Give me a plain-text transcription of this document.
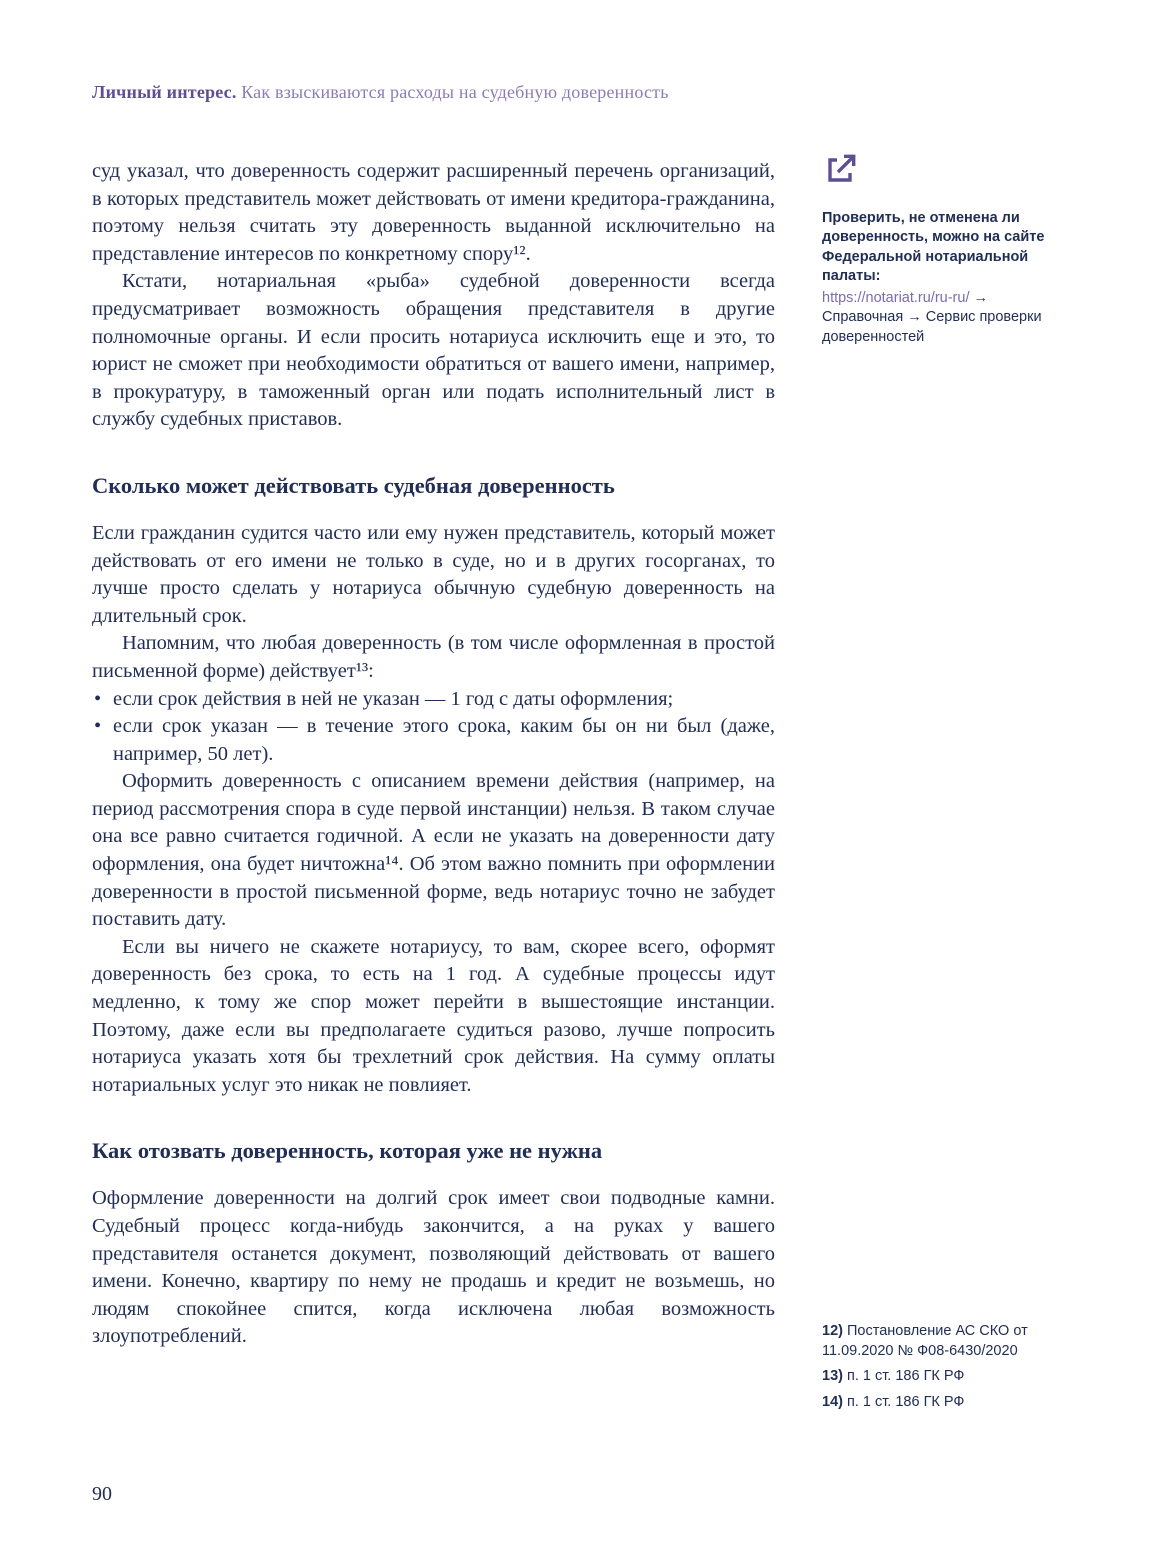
Личный интерес. Как взыскиваются расходы на судебную доверенность

суд указал, что доверенность содержит расширенный перечень организаций, в которых представитель может действовать от имени кредитора-гражданина, поэтому нельзя считать эту доверенность выданной исключительно на представление интересов по конкретному спору¹².

Кстати, нотариальная «рыба» судебной доверенности всегда предусматривает возможность обращения представителя в другие полномочные органы. И если просить нотариуса исключить еще и это, то юрист не сможет при необходимости обратиться от вашего имени, например, в прокуратуру, в таможенный орган или подать исполнительный лист в службу судебных приставов.

Сколько может действовать судебная доверенность

Если гражданин судится часто или ему нужен представитель, который может действовать от его имени не только в суде, но и в других госорганах, то лучше просто сделать у нотариуса обычную судебную доверенность на длительный срок.

Напомним, что любая доверенность (в том числе оформленная в простой письменной форме) действует¹³:

• если срок действия в ней не указан — 1 год с даты оформления;
• если срок указан — в течение этого срока, каким бы он ни был (даже, например, 50 лет).

Оформить доверенность с описанием времени действия (например, на период рассмотрения спора в суде первой инстанции) нельзя. В таком случае она все равно считается годичной. А если не указать на доверенности дату оформления, она будет ничтожна¹⁴. Об этом важно помнить при оформлении доверенности в простой письменной форме, ведь нотариус точно не забудет поставить дату.

Если вы ничего не скажете нотариусу, то вам, скорее всего, оформят доверенность без срока, то есть на 1 год. А судебные процессы идут медленно, к тому же спор может перейти в вышестоящие инстанции. Поэтому, даже если вы предполагаете судиться разово, лучше попросить нотариуса указать хотя бы трехлетний срок действия. На сумму оплаты нотариальных услуг это никак не повлияет.

Как отозвать доверенность, которая уже не нужна

Оформление доверенности на долгий срок имеет свои подводные камни. Судебный процесс когда-нибудь закончится, а на руках у вашего представителя останется документ, позволяющий действовать от вашего имени. Конечно, квартиру по нему не продашь и кредит не возьмешь, но людям спокойнее спится, когда исключена любая возможность злоупотреблений.

Проверить, не отменена ли доверенность, можно на сайте Федеральной нотариальной палаты:

https://notariat.ru/ru-ru/ → Справочная → Сервис проверки доверенностей

12) Постановление АС СКО от 11.09.2020 № Ф08-6430/2020

13) п. 1 ст. 186 ГК РФ

14) п. 1 ст. 186 ГК РФ

90
